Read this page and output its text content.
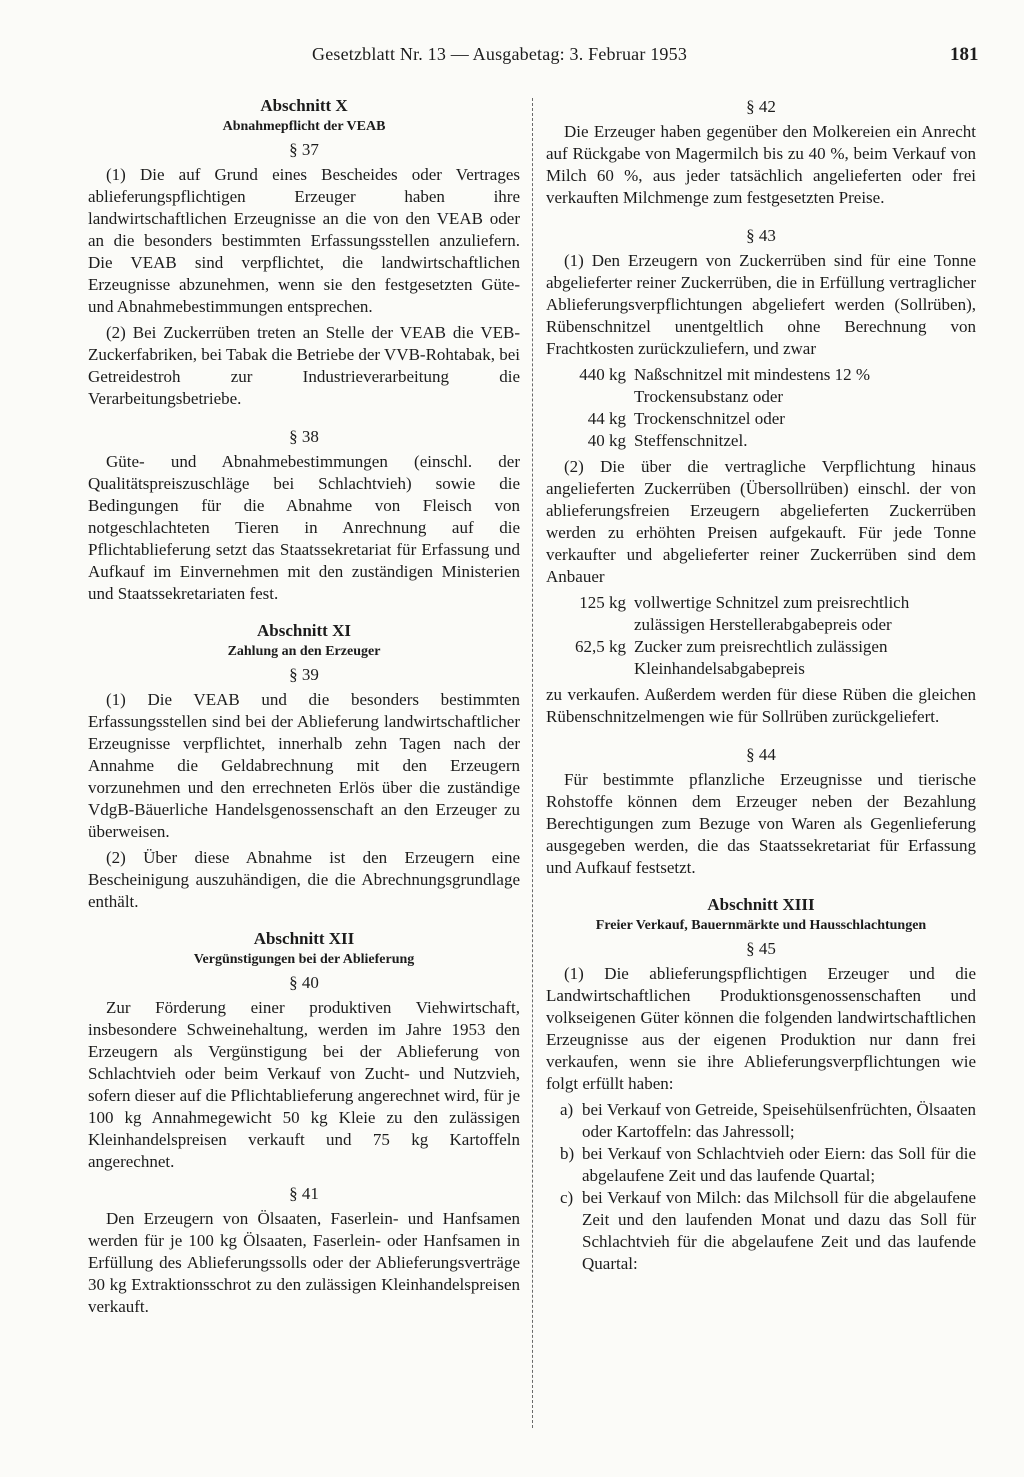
Gesetzblatt Nr. 13 — Ausgabetag: 3. Februar 1953	181
Abschnitt X
Abnahmepflicht der VEAB
§ 37

(1) Die auf Grund eines Bescheides oder Vertrages ablieferungspflichtigen Erzeuger haben ihre landwirtschaftlichen Erzeugnisse an die von den VEAB oder an die besonders bestimmten Erfassungsstellen anzuliefern. Die VEAB sind verpflichtet, die landwirtschaftlichen Erzeugnisse abzunehmen, wenn sie den festgesetzten Güte- und Abnahmebestimmungen entsprechen.

(2) Bei Zuckerrüben treten an Stelle der VEAB die VEB-Zuckerfabriken, bei Tabak die Betriebe der VVB-Rohtabak, bei Getreidestroh zur Industrieverarbeitung die Verarbeitungsbetriebe.

§ 38

Güte- und Abnahmebestimmungen (einschl. der Qualitätspreiszuschläge bei Schlachtvieh) sowie die Bedingungen für die Abnahme von Fleisch von notgeschlachteten Tieren in Anrechnung auf die Pflichtablieferung setzt das Staatssekretariat für Erfassung und Aufkauf im Einvernehmen mit den zuständigen Ministerien und Staatssekretariaten fest.

Abschnitt XI
Zahlung an den Erzeuger
§ 39

(1) Die VEAB und die besonders bestimmten Erfassungsstellen sind bei der Ablieferung landwirtschaftlicher Erzeugnisse verpflichtet, innerhalb zehn Tagen nach der Annahme die Geldabrechnung mit den Erzeugern vorzunehmen und den errechneten Erlös über die zuständige VdgB-Bäuerliche Handelsgenossenschaft an den Erzeuger zu überweisen.

(2) Über diese Abnahme ist den Erzeugern eine Bescheinigung auszuhändigen, die die Abrechnungsgrundlage enthält.

Abschnitt XII
Vergünstigungen bei der Ablieferung
§ 40

Zur Förderung einer produktiven Viehwirtschaft, insbesondere Schweinehaltung, werden im Jahre 1953 den Erzeugern als Vergünstigung bei der Ablieferung von Schlachtvieh oder beim Verkauf von Zucht- und Nutzvieh, sofern dieser auf die Pflichtablieferung angerechnet wird, für je 100 kg Annahmegewicht 50 kg Kleie zu den zulässigen Kleinhandelspreisen verkauft und 75 kg Kartoffeln angerechnet.

§ 41

Den Erzeugern von Ölsaaten, Faserlein- und Hanfsamen werden für je 100 kg Ölsaaten, Faserlein- oder Hanfsamen in Erfüllung des Ablieferungssolls oder der Ablieferungsverträge 30 kg Extraktionsschrot zu den zulässigen Kleinhandelspreisen verkauft.

§ 42

Die Erzeuger haben gegenüber den Molkereien ein Anrecht auf Rückgabe von Magermilch bis zu 40 %, beim Verkauf von Milch 60 %, aus jeder tatsächlich angelieferten oder frei verkauften Milchmenge zum festgesetzten Preise.

§ 43

(1) Den Erzeugern von Zuckerrüben sind für eine Tonne abgelieferter reiner Zuckerrüben, die in Erfüllung vertraglicher Ablieferungsverpflichtungen abgeliefert werden (Sollrüben), Rübenschnitzel unentgeltlich ohne Berechnung von Frachtkosten zurückzuliefern, und zwar

440 kg Naßschnitzel mit mindestens 12 % Trockensubstanz oder
44 kg Trockenschnitzel oder
40 kg Steffenschnitzel.

(2) Die über die vertragliche Verpflichtung hinaus angelieferten Zuckerrüben (Übersollrüben) einschl. der von ablieferungsfreien Erzeugern abgelieferten Zuckerrüben werden zu erhöhten Preisen aufgekauft. Für jede Tonne verkaufter und abgelieferter reiner Zuckerrüben sind dem Anbauer

125 kg vollwertige Schnitzel zum preisrechtlich zulässigen Herstellerabgabepreis oder
62,5 kg Zucker zum preisrechtlich zulässigen Kleinhandelsabgabepreis

zu verkaufen. Außerdem werden für diese Rüben die gleichen Rübenschnitzelmengen wie für Sollrüben zurückgeliefert.

§ 44

Für bestimmte pflanzliche Erzeugnisse und tierische Rohstoffe können dem Erzeuger neben der Bezahlung Berechtigungen zum Bezuge von Waren als Gegenlieferung ausgegeben werden, die das Staatssekretariat für Erfassung und Aufkauf festsetzt.

Abschnitt XIII
Freier Verkauf, Bauernmärkte und Hausschlachtungen
§ 45

(1) Die ablieferungspflichtigen Erzeuger und die Landwirtschaftlichen Produktionsgenossenschaften und volkseigenen Güter können die folgenden landwirtschaftlichen Erzeugnisse aus der eigenen Produktion nur dann frei verkaufen, wenn sie ihre Ablieferungsverpflichtungen wie folgt erfüllt haben:

a) bei Verkauf von Getreide, Speisehülsenfrüchten, Ölsaaten oder Kartoffeln: das Jahressoll;
b) bei Verkauf von Schlachtvieh oder Eiern: das Soll für die abgelaufene Zeit und das laufende Quartal;
c) bei Verkauf von Milch: das Milchsoll für die abgelaufene Zeit und den laufenden Monat und dazu das Soll für Schlachtvieh für die abgelaufene Zeit und das laufende Quartal:
